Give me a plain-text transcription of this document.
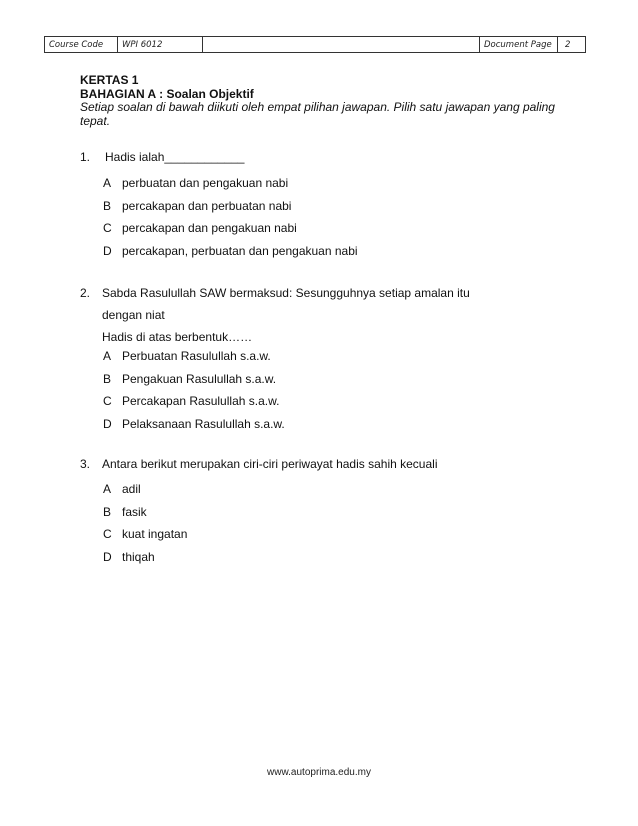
Course Code	WPI 6012	Document Page	2
KERTAS 1
BAHAGIAN A : Soalan Objektif
Setiap soalan di bawah diikuti oleh empat pilihan jawapan. Pilih satu jawapan yang paling tepat.
1.	Hadis ialah____________
A perbuatan dan pengakuan nabi
B percakapan dan perbuatan nabi
C percakapan dan pengakuan nabi
D percakapan, perbuatan dan pengakuan nabi
2. Sabda Rasulullah SAW bermaksud: Sesungguhnya setiap amalan itu
dengan niat
Hadis di atas berbentuk……
A Perbuatan Rasulullah s.a.w.
B Pengakuan Rasulullah s.a.w.
C Percakapan Rasulullah s.a.w.
D Pelaksanaan Rasulullah s.a.w.
3. Antara berikut merupakan ciri-ciri periwayat hadis sahih kecuali
A adil
B fasik
C kuat ingatan
D thiqah
www.autoprima.edu.my
